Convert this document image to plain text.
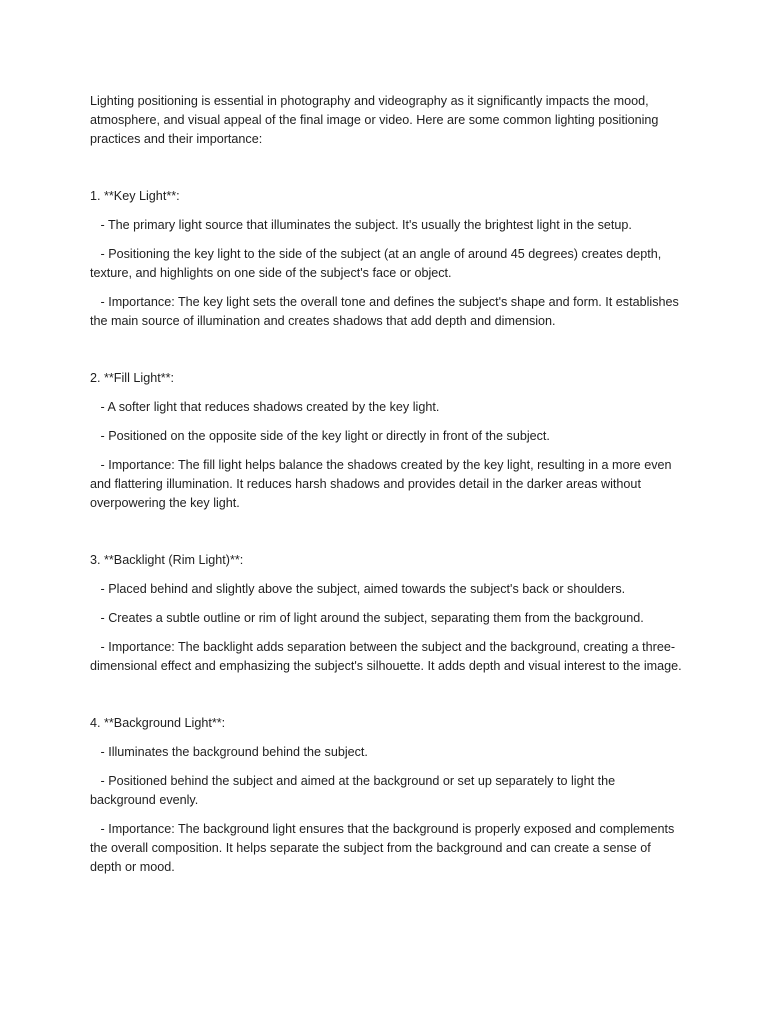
Lighting positioning is essential in photography and videography as it significantly impacts the mood, atmosphere, and visual appeal of the final image or video. Here are some common lighting positioning practices and their importance:

1. **Key Light**:

- The primary light source that illuminates the subject. It's usually the brightest light in the setup.

- Positioning the key light to the side of the subject (at an angle of around 45 degrees) creates depth, texture, and highlights on one side of the subject's face or object.

- Importance: The key light sets the overall tone and defines the subject's shape and form. It establishes the main source of illumination and creates shadows that add depth and dimension.

2. **Fill Light**:

- A softer light that reduces shadows created by the key light.

- Positioned on the opposite side of the key light or directly in front of the subject.

- Importance: The fill light helps balance the shadows created by the key light, resulting in a more even and flattering illumination. It reduces harsh shadows and provides detail in the darker areas without overpowering the key light.

3. **Backlight (Rim Light)**:

- Placed behind and slightly above the subject, aimed towards the subject's back or shoulders.

- Creates a subtle outline or rim of light around the subject, separating them from the background.

- Importance: The backlight adds separation between the subject and the background, creating a three-dimensional effect and emphasizing the subject's silhouette. It adds depth and visual interest to the image.

4. **Background Light**:

- Illuminates the background behind the subject.

- Positioned behind the subject and aimed at the background or set up separately to light the background evenly.

- Importance: The background light ensures that the background is properly exposed and complements the overall composition. It helps separate the subject from the background and can create a sense of depth or mood.
